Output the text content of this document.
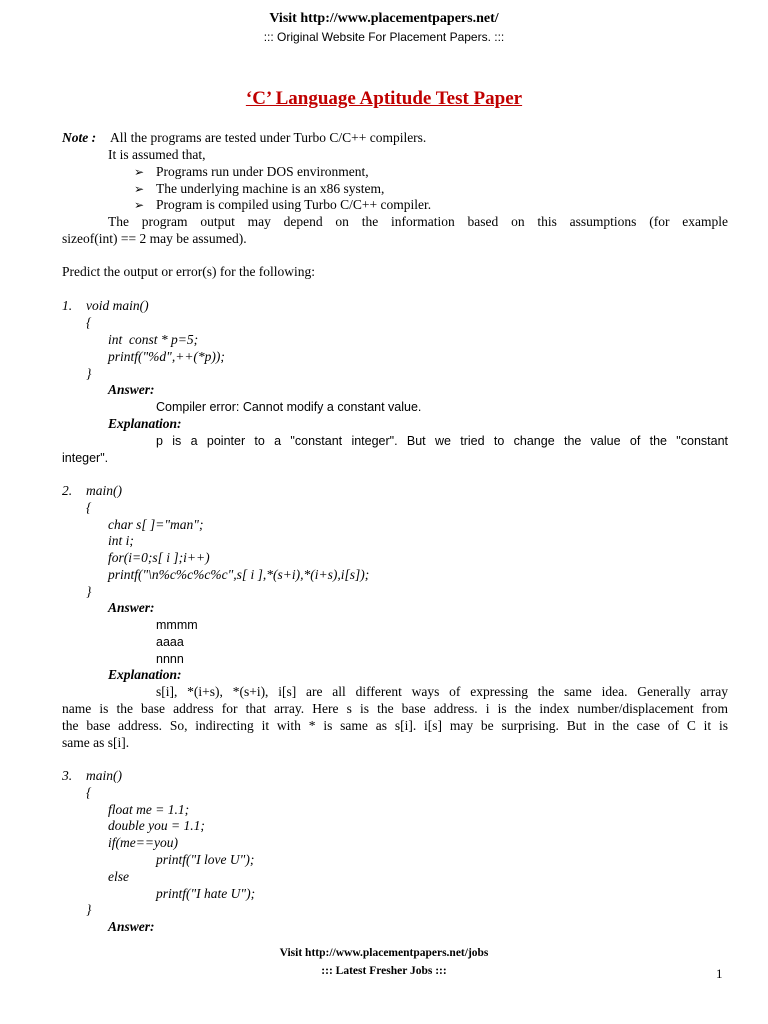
Visit http://www.placementpapers.net/
::: Original Website For Placement Papers. :::
‘C’ Language Aptitude Test Paper
Note : All the programs are tested under Turbo C/C++ compilers.
It is assumed that,
➢ Programs run under DOS environment,
➢ The underlying machine is an x86 system,
➢ Program is compiled using Turbo C/C++ compiler.
The program output may depend on the information based on this assumptions (for example
sizeof(int) == 2 may be assumed).
Predict the output or error(s) for the following:
1. void main()
{
int  const * p=5;
printf("%d",++(*p));
}
Answer:
Compiler error: Cannot modify a constant value.
Explanation:
p is a pointer to a "constant integer". But we tried to change the value of the "constant
integer".
2. main()
{
char s[ ]="man";
int i;
for(i=0;s[ i ];i++)
printf("\n%c%c%c%c",s[ i ],*(s+i),*(i+s),i[s]);
}
Answer:
mmmm
aaaa
nnnn
Explanation:
s[i], *(i+s), *(s+i), i[s] are all different ways of expressing the same idea. Generally array
name is the base address for that array. Here s is the base address. i is the index number/displacement from
the base address. So, indirecting it with * is same as s[i]. i[s] may be surprising. But in the case of C it is
same as s[i].
3. main()
{
float me = 1.1;
double you = 1.1;
if(me==you)
printf("I love U");
else
printf("I hate U");
}
Answer:
Visit http://www.placementpapers.net/jobs
::: Latest Fresher Jobs :::	1
